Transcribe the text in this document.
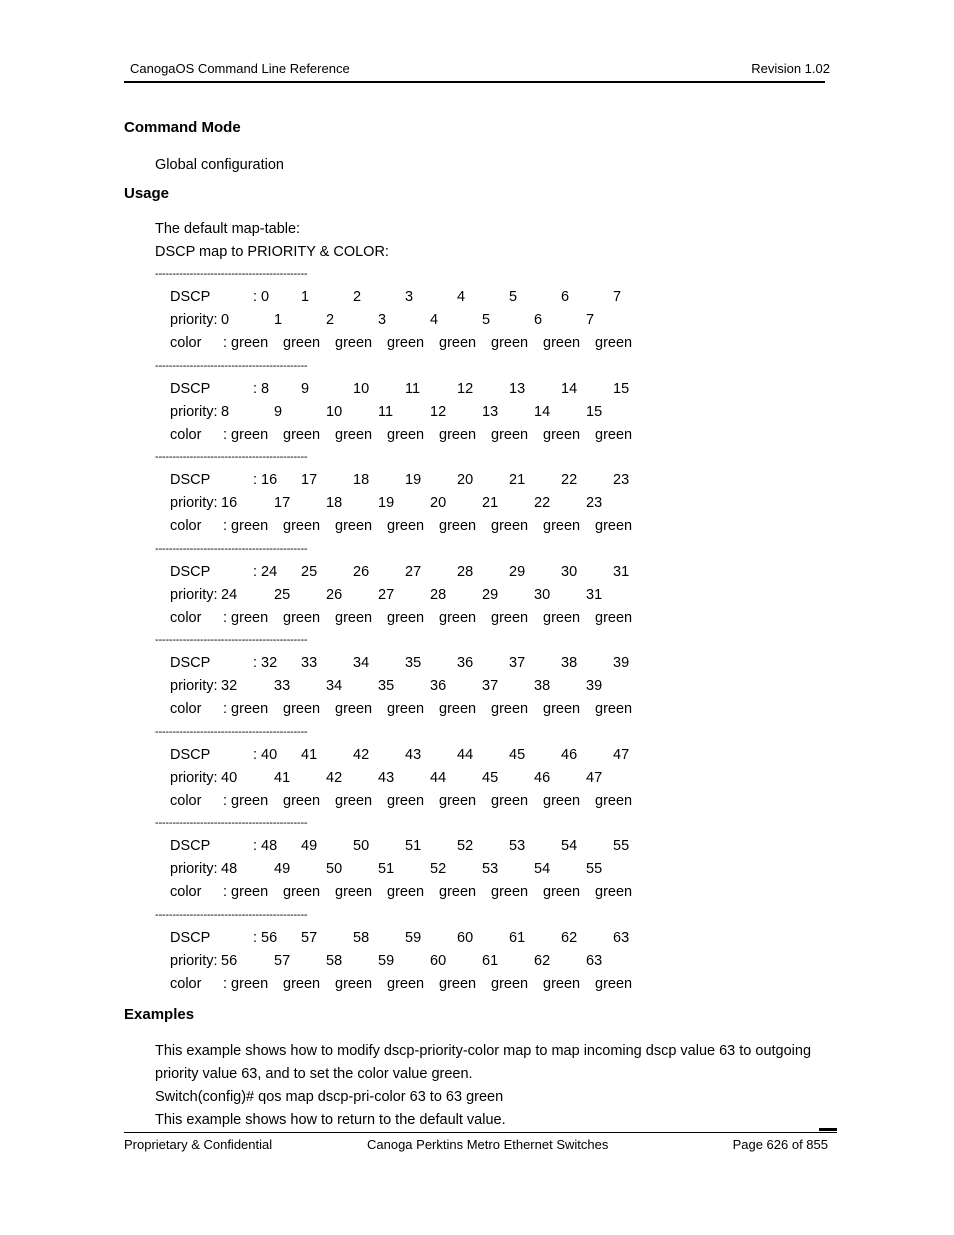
CanogaOS Command Line Reference	Revision 1.02
Command Mode
Global configuration
Usage
The default map-table:
DSCP map to PRIORITY & COLOR:
--------------------------------------------
DSCP	: 0 1	2	3	4	5	6	7
priority: 0	1	2	3	4	5	6	7
color : green green green green green green green green
--------------------------------------------
DSCP	: 8 9	10 11	12 13 14 15
priority: 8	9	10 11	12 13 14 15
color : green green green green green green green green
--------------------------------------------
DSCP	: 16 17 18 19 20 21 22 23
priority: 16	17 18 19 20 21 22 23
color : green green green green green green green green
--------------------------------------------
DSCP	: 24 25 26 27 28 29 30 31
priority: 24	25 26 27 28 29 30 31
color : green green green green green green green green
--------------------------------------------
DSCP	: 32 33 34 35 36 37 38 39
priority: 32	33 34 35 36 37 38 39
color : green green green green green green green green
--------------------------------------------
DSCP	: 40 41 42 43 44 45 46 47
priority: 40	41 42 43 44 45 46 47
color : green green green green green green green green
--------------------------------------------
DSCP	: 48 49 50 51 52 53 54 55
priority: 48	49 50 51 52 53 54 55
color : green green green green green green green green
--------------------------------------------
DSCP	: 56 57 58 59 60 61 62 63
priority: 56	57 58 59 60 61 62 63
color : green green green green green green green green
Examples
This example shows how to modify dscp-priority-color map to map incoming dscp value 63 to outgoing
priority value 63, and to set the color value green.
Switch(config)# qos map dscp-pri-color 63 to 63 green
This example shows how to return to the default value.
Proprietary & Confidential	Canoga Perktins Metro Ethernet Switches	Page 626 of 855
